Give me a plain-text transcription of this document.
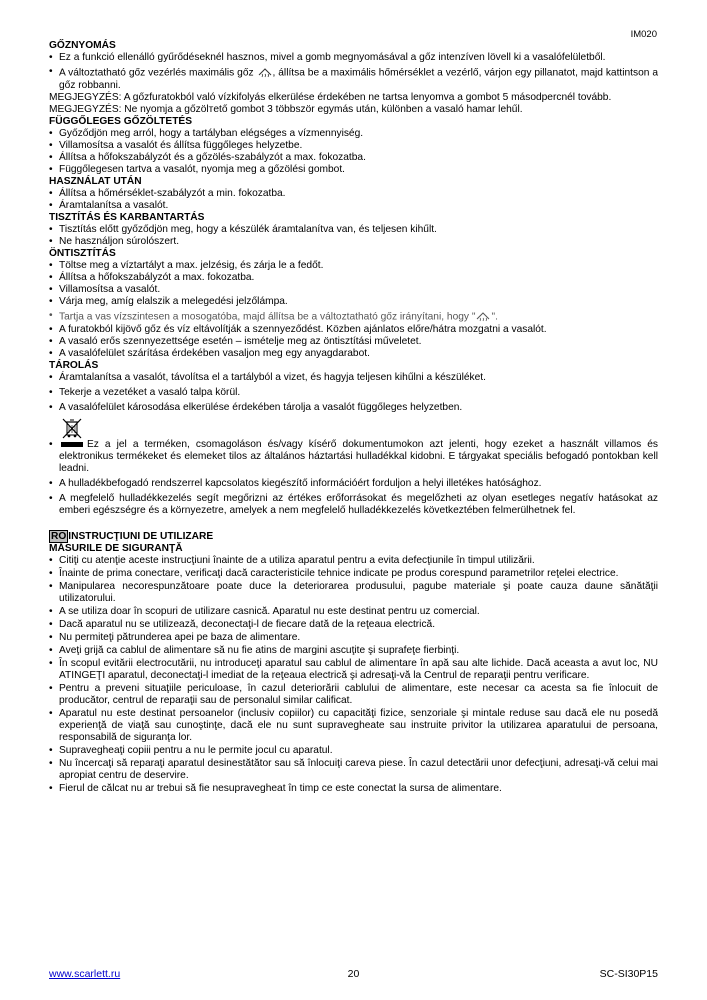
IM020
GŐZNYOMÁS
• Ez a funkció ellenálló gyűrődéseknél hasznos, mivel a gomb megnyomásával a gőz intenzíven lövell ki a vasalófelületből.
• A változtatható gőz vezérlés maximális gőz , állítsa be a maximális hőmérséklet a vezérlő, várjon egy pillanatot, majd kattintson a gőz robbanni.
MEGJEGYZÉS: A gőzfuratokból való vízkifolyás elkerülése érdekében ne tartsa lenyomva a gombot 5 másodpercnél tovább.
MEGJEGYZÉS: Ne nyomja a gőzölтető gombot 3 többször egymás után, különben a vasaló hamar lehűl.
FÜGGŐLEGES GŐZÖLTETÉS
• Győződjön meg arról, hogy a tartályban elégséges a vízmennyiség.
• Villamosítsa a vasalót és állítsa függőleges helyzetbe.
• Állítsa a hőfokszabályzót és a gőzölés-szabályzót a max. fokozatba.
• Függőlegesen tartva a vasalót, nyomja meg a gőzölési gombot.
HASZNÁLAT UTÁN
• Állítsa a hőmérséklet-szabályzót a min. fokozatba.
• Áramtalanítsa a vasalót.
TISZTÍTÁS ÉS KARBANTARTÁS
• Tisztítás előtt győződjön meg, hogy a készülék áramtalanítva van, és teljesen kihűlt.
• Ne használjon súrolószert.
ÖNTISZTÍTÁS
• Töltse meg a víztartályt a max. jelzésig, és zárja le a fedőt.
• Állítsa a hőfokszabályzót a max. fokozatba.
• Villamosítsa a vasalót.
• Várja meg, amíg elalszik a melegedési jelzőlámpa.
• Tartja a vas vízszintesen a mosogatóba, majd állítsa be a változtatható gőz irányítani, hogy " ".
• A furatokból kijövő gőz és víz eltávolítják a szennyeződést. Közben ajánlatos előre/hátra mozgatni a vasalót.
• A vasaló erős szennyezettsége esetén – ismételje meg az öntisztítási műveletet.
• A vasalófelület szárítása érdekében vasaljon meg egy anyagdarabot.
TÁROLÁS
• Áramtalanítsa a vasalót, távolítsa el a tartályból a vizet, és hagyja teljesen kihűlni a készüléket.
• Tekerje a vezetéket a vasaló talpa körül.
• A vasalófelület károsodása elkerülése érdekében tárolja a vasalót függőleges helyzetben.
• Ez a jel a terméken, csomagoláson és/vagy kísérő dokumentumokon azt jelenti, hogy ezeket a használt villamos és elektronikus termékeket és elemeket tilos az általános háztartási hulladékkal kidobni. E tárgyakat speciális befogadó pontokban kell leadni.
• A hulladékbefogadó rendszerrel kapcsolatos kiegészítő információért forduljon a helyi illetékes hatósághoz.
• A megfelelő hulladékkezelés segít megőrizni az értékes erőforrásokat és megelőzheti az olyan esetleges negatív hatásokat az emberi egészségre és a környezetre, amelyek a nem megfelelő hulladékkezelés következtében felmerülhetnek fel.
RO INSTRUCŢIUNI DE UTILIZARE
MĂSURILE DE SIGURANŢĂ
• Citiţi cu atenţie aceste instrucţiuni înainte de a utiliza aparatul pentru a evita defecţiunile în timpul utilizării.
• Înainte de prima conectare, verificaţi dacă caracteristicile tehnice indicate pe produs corespund parametrilor reţelei electrice.
• Manipularea necorespunzătoare poate duce la deteriorarea produsului, pagube materiale şi poate cauza daune sănătăţii utilizatorului.
• A se utiliza doar în scopuri de utilizare casnică. Aparatul nu este destinat pentru uz comercial.
• Dacă aparatul nu se utilizează, deconectaţi-l de fiecare dată de la reţeaua electrică.
• Nu permiteţi pătrunderea apei pe baza de alimentare.
• Aveţi grijă ca cablul de alimentare să nu fie atins de margini ascuţite şi suprafeţe fierbinţi.
• În scopul evitării electrocutării, nu introduceţi aparatul sau cablul de alimentare în apă sau alte lichide. Dacă aceasta a avut loc, NU ATINGEŢI aparatul, deconectaţi-l imediat de la reţeaua electrică şi adresaţi-vă la Centrul de reparaţii pentru verificare.
• Pentru a preveni situaţiile periculoase, în cazul deteriorării cablului de alimentare, este necesar ca acesta sa fie înlocuit de producător, centrul de reparaţii sau de personalul similar calificat.
• Aparatul nu este destinat persoanelor (inclusiv copiilor) cu capacităţi fizice, senzoriale şi mintale reduse sau dacă ele nu posedă experienţă de viaţă sau cunoştinţe, dacă ele nu sunt supravegheate sau instruite privitor la utilizarea aparatului de persoana, responsabilă de siguranţa lor.
• Supravegheaţi copiii pentru a nu le permite jocul cu aparatul.
• Nu încercaţi să reparaţi aparatul desinestătător sau să înlocuiţi careva piese. În cazul detectării unor defecţiuni, adresaţi-vă celui mai apropiat centru de deservire.
• Fierul de călcat nu ar trebui să fie nesupravegheat în timp ce este conectat la sursa de alimentare.
www.scarlett.ru	20	SC-SI30P15
